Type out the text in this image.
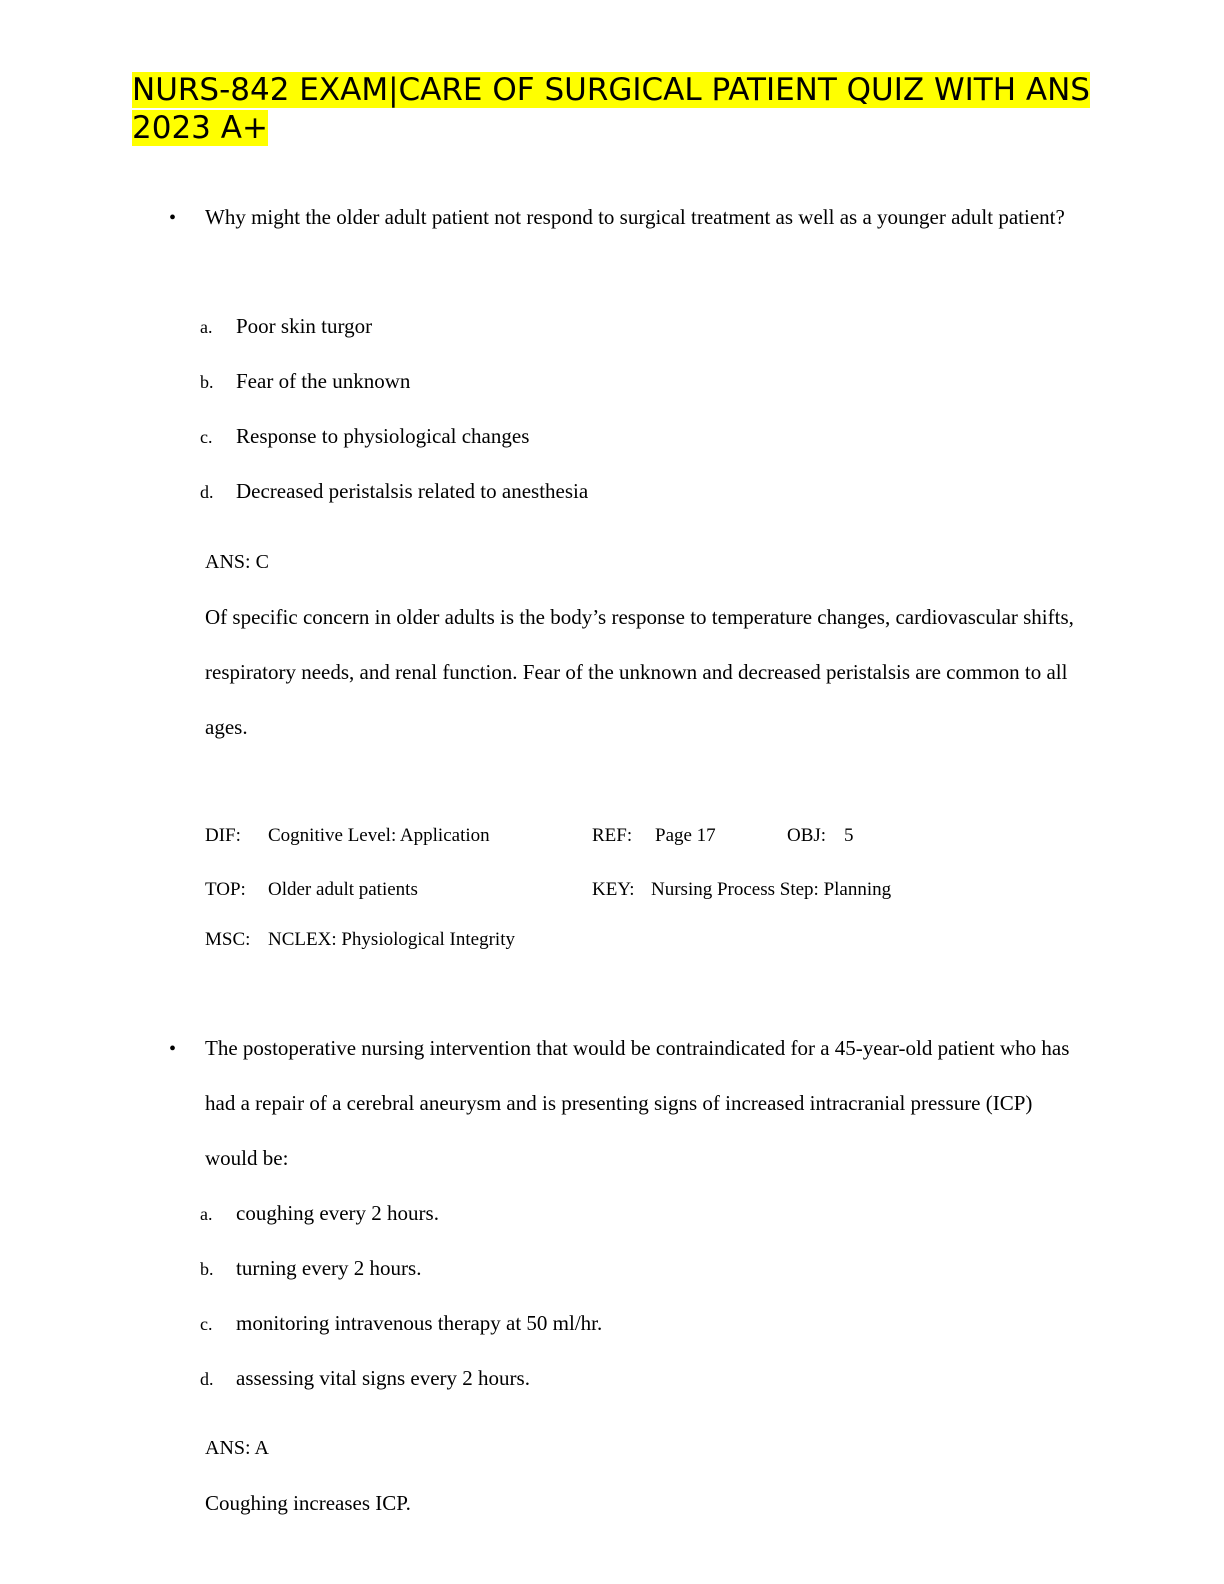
NURS-842 EXAM|CARE OF SURGICAL PATIENT QUIZ WITH ANS 2023 A+
• Why might the older adult patient not respond to surgical treatment as well as a younger adult patient?

a. Poor skin turgor
b. Fear of the unknown
c. Response to physiological changes
d. Decreased peristalsis related to anesthesia
ANS: C

Of specific concern in older adults is the body’s response to temperature changes, cardiovascular shifts, respiratory needs, and renal function. Fear of the unknown and decreased peristalsis are common to all ages.

DIF: Cognitive Level: Application	REF: Page 17	OBJ: 5
TOP: Older adult patients	KEY: Nursing Process Step: Planning
MSC: NCLEX: Physiological Integrity
• The postoperative nursing intervention that would be contraindicated for a 45-year-old patient who has had a repair of a cerebral aneurysm and is presenting signs of increased intracranial pressure (ICP) would be:

a. coughing every 2 hours.
b. turning every 2 hours.
c. monitoring intravenous therapy at 50 ml/hr.
d. assessing vital signs every 2 hours.
ANS: A

Coughing increases ICP.
